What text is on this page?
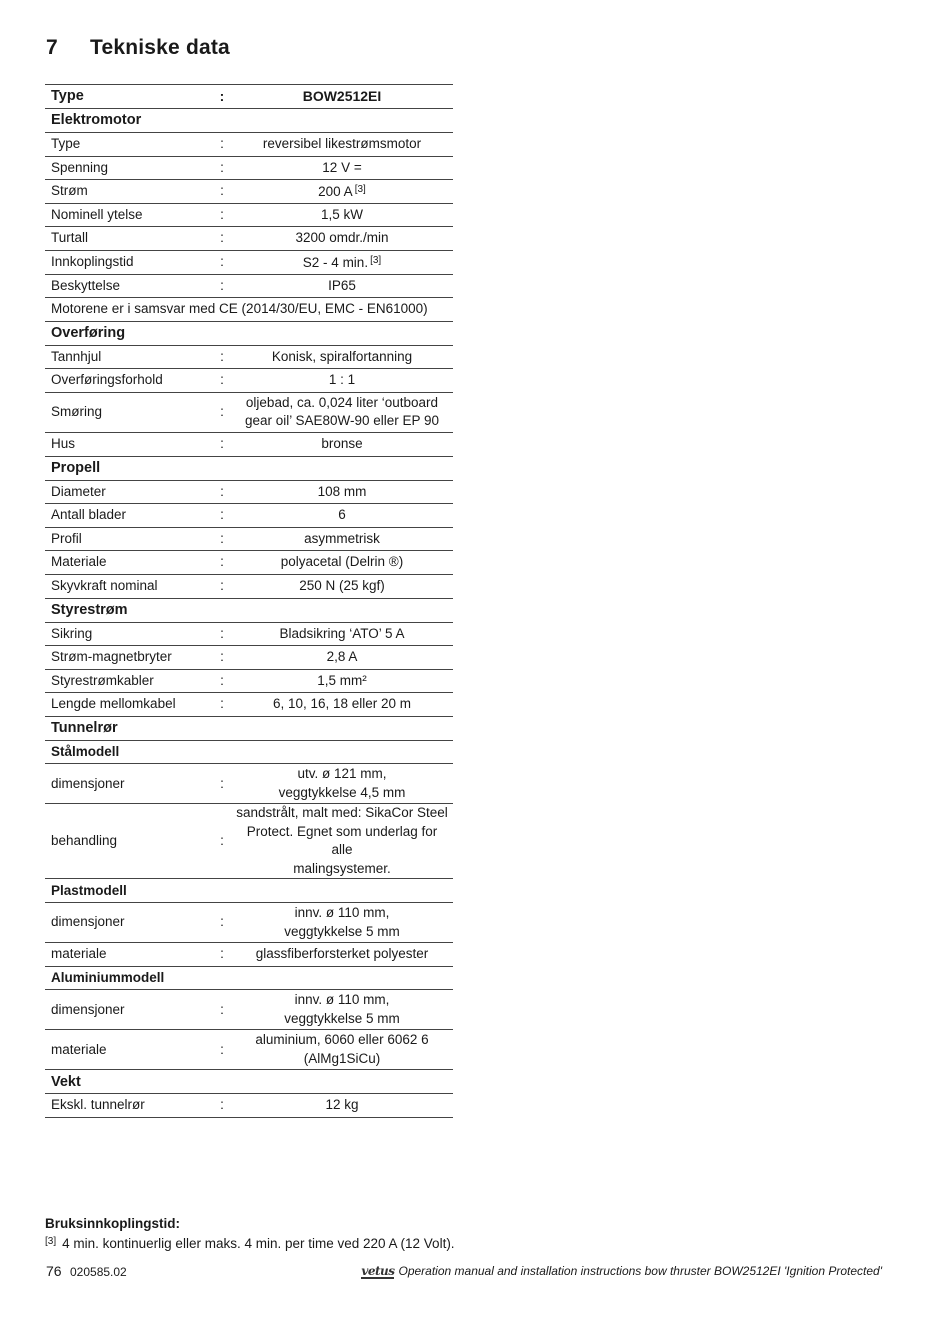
7 Tekniske data
Type	:	BOW2512EI
Elektromotor		
Type	:	reversibel likestrømsmotor
Spenning	:	12 V =
Strøm	:	200 A [3]
Nominell ytelse	:	1,5 kW
Turtall	:	3200 omdr./min
Innkoplingstid	:	S2 - 4 min. [3]
Beskyttelse	:	IP65
Motorene er i samsvar med CE (2014/30/EU, EMC - EN61000)		
Overføring		
Tannhjul	:	Konisk, spiralfortanning
Overføringsforhold	:	1 : 1
Smøring	:	oljebad, ca. 0,024 liter ‘outboard
gear oil’ SAE80W-90 eller EP 90

Hus	:	bronse
Propell		
Diameter	:	108 mm
Antall blader	:	6
Profil	:	asymmetrisk
Materiale	:	polyacetal (Delrin ®)
Skyvkraft nominal	:	250 N (25 kgf)
Styrestrøm		
Sikring	:	Bladsikring ‘ATO’ 5 A
Strøm-magnetbryter	:	2,8 A
Styrestrømkabler	:	1,5 mm²
Lengde mellomkabel	:	6, 10, 16, 18 eller 20 m
Tunnelrør		
Stålmodell		
dimensjoner	:	utv. ø 121 mm,
veggtykkelse 4,5 mm

behandling	:	sandstrålt, malt med: SikaCor Steel
Protect. Egnet som underlag for alle
malingsystemer.

Plastmodell		
dimensjoner	:	innv. ø 110 mm,
veggtykkelse 5 mm

materiale	:	glassfiberforsterket polyester
Aluminiummodell		
dimensjoner	:	innv. ø 110 mm,
veggtykkelse 5 mm

materiale	:	aluminium, 6060 eller 6062 6
(AlMg1SiCu)

Vekt		
Ekskl. tunnelrør	:	12 kg
Bruksinnkoplingstid:
[3] 4 min. kontinuerlig eller maks. 4 min. per time ved 220 A (12 Volt).
76 020585.02	vetus Operation manual and installation instructions bow thruster BOW2512EI 'Ignition Protected'
